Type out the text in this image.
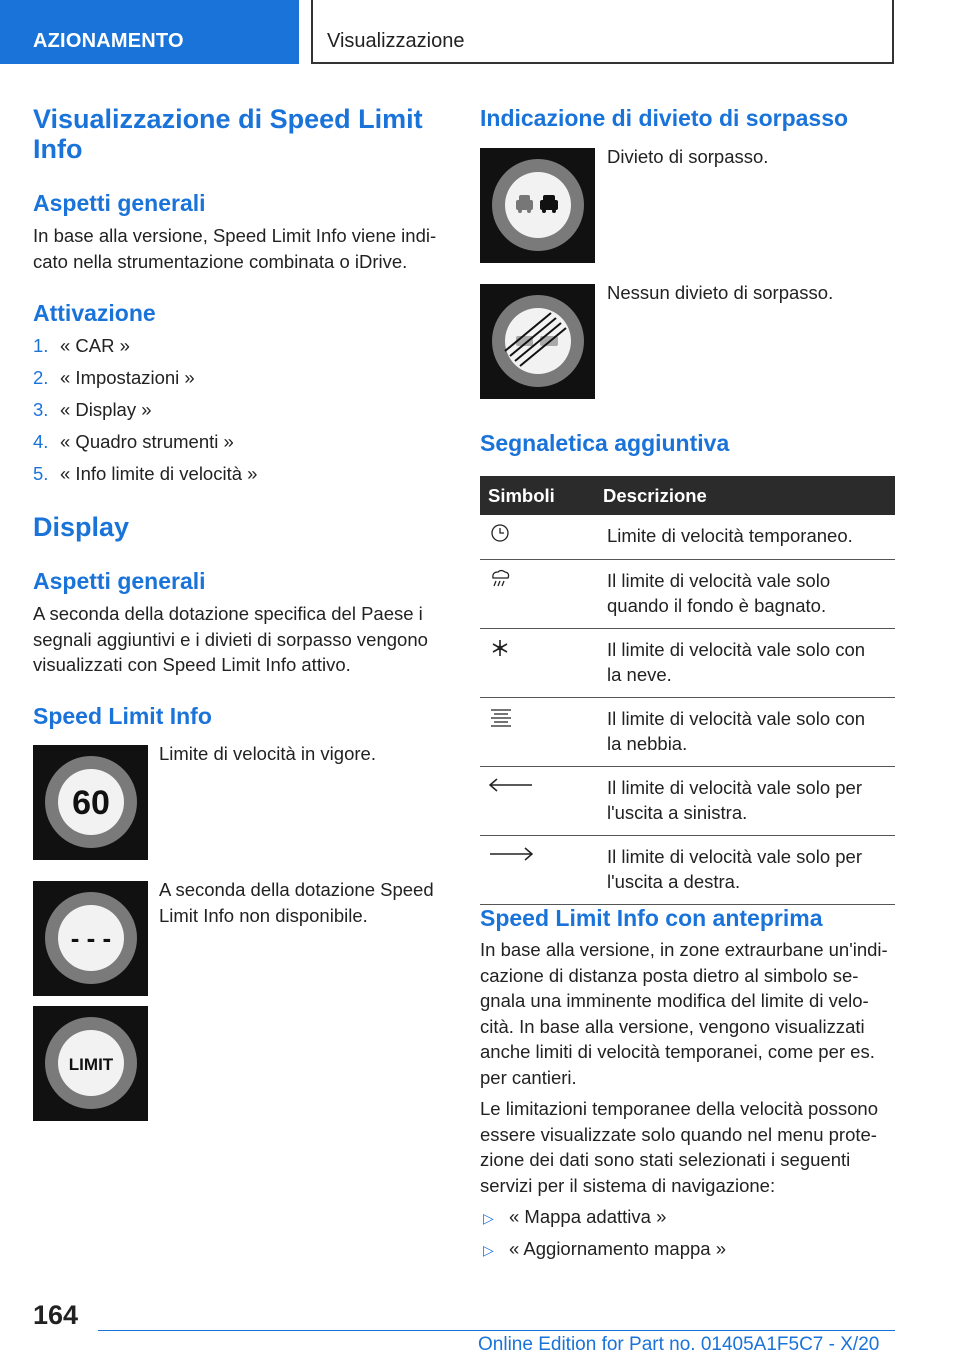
AZIONAMENTO	Visualizzazione
Visualizzazione di Speed Limit
Info
Aspetti generali
In base alla versione, Speed Limit Info viene indi-
cato nella strumentazione combinata o iDrive.
Attivazione
1. « CAR »
2. « Impostazioni »
3. « Display »
4. « Quadro strumenti »
5. « Info limite di velocità »
Display
Aspetti generali
A seconda della dotazione specifica del Paese i
segnali aggiuntivi e i divieti di sorpasso vengono
visualizzati con Speed Limit Info attivo.
Speed Limit Info
60
Limite di velocità in vigore.
- - -
A seconda della dotazione Speed
Limit Info non disponibile.
LIMIT
Indicazione di divieto di sorpasso
Divieto di sorpasso.
Nessun divieto di sorpasso.
Segnaletica aggiuntiva
Simboli	Descrizione

Limite di velocità temporaneo.

Il limite di velocità vale solo
quando il fondo è bagnato.

Il limite di velocità vale solo con
la neve.

Il limite di velocità vale solo con
la nebbia.

Il limite di velocità vale solo per
l'uscita a sinistra.

Il limite di velocità vale solo per
l'uscita a destra.
Speed Limit Info con anteprima
In base alla versione, in zone extraurbane un'indi-
cazione di distanza posta dietro al simbolo se-
gnala una imminente modifica del limite di velo-
cità. In base alla versione, vengono visualizzati
anche limiti di velocità temporanei, come per es.
per cantieri.
Le limitazioni temporanee della velocità possono
essere visualizzate solo quando nel menu prote-
zione dei dati sono stati selezionati i seguenti
servizi per il sistema di navigazione:
▷ « Mappa adattiva »
▷ « Aggiornamento mappa »
164
Online Edition for Part no. 01405A1F5C7 - X/20
